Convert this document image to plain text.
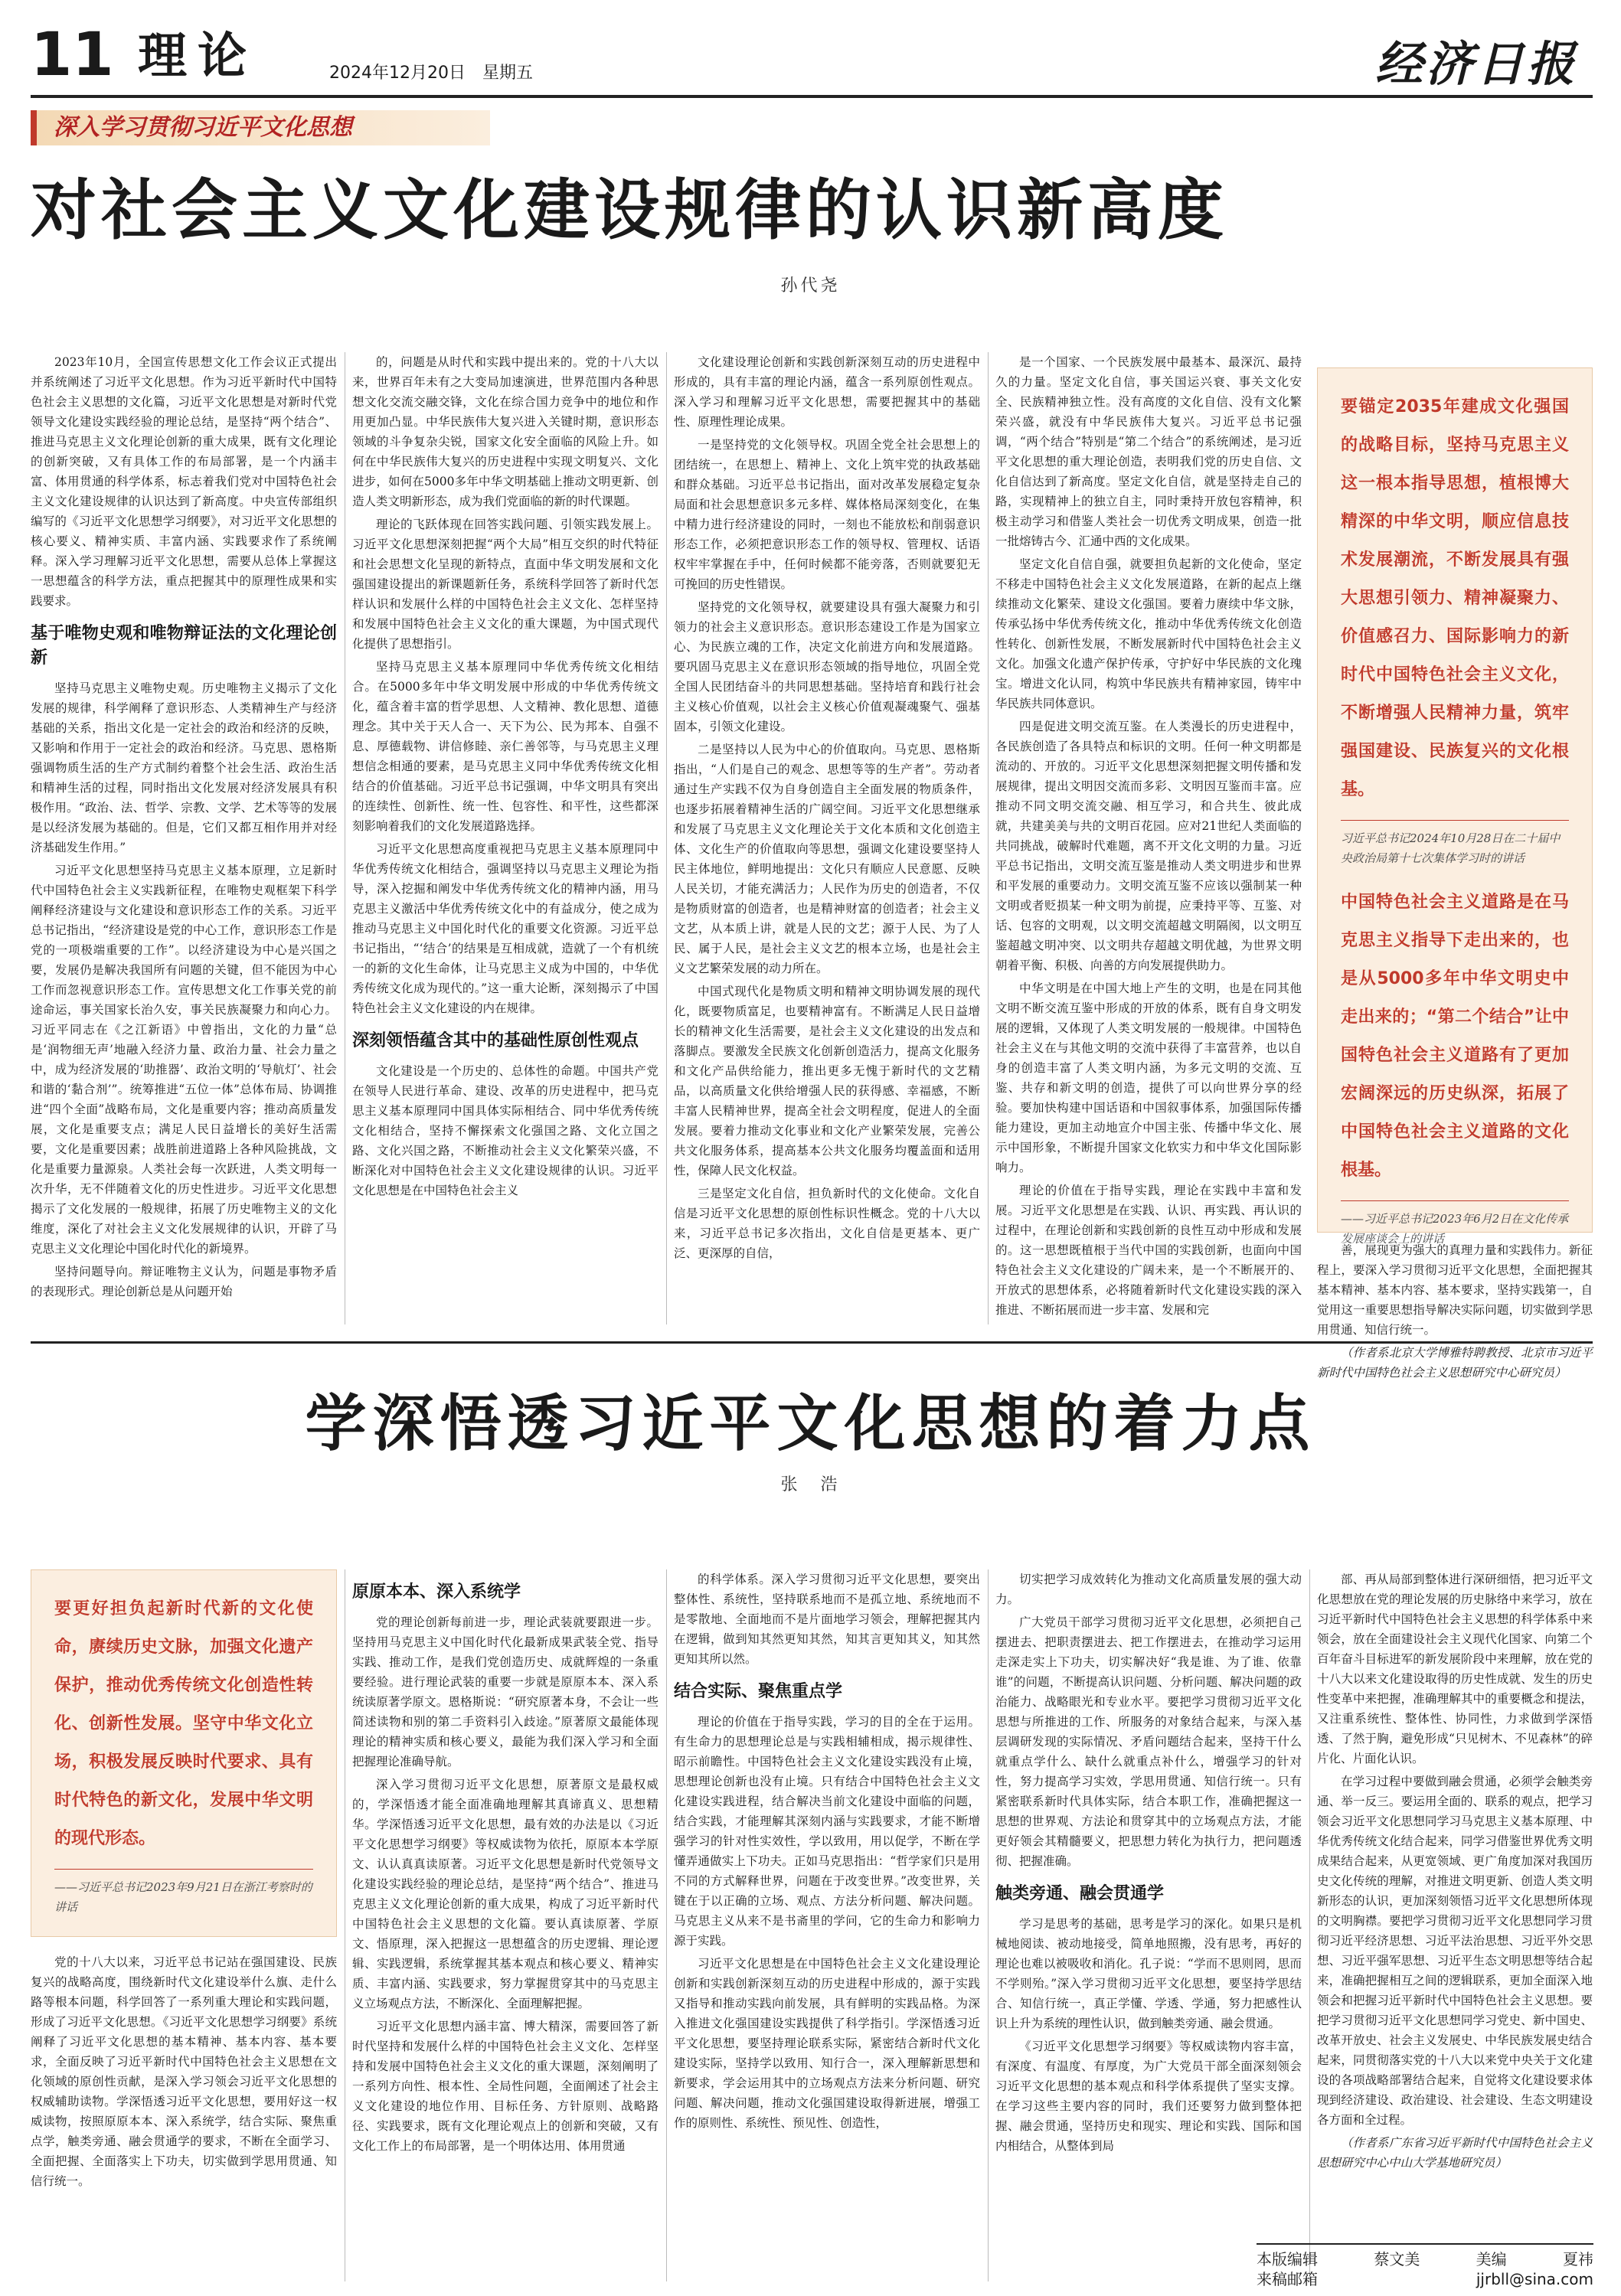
11 理论	2024年12月20日　星期五	经济日报
深入学习贯彻习近平文化思想
对社会主义文化建设规律的认识新高度
孙代尧

2023年10月，全国宣传思想文化工作会议正式提出并系统阐述了习近平文化思想。作为习近平新时代中国特色社会主义思想的文化篇，习近平文化思想是对新时代党领导文化建设实践经验的理论总结，是坚持“两个结合”、推进马克思主义文化理论创新的重大成果，既有文化理论的创新突破，又有具体工作的布局部署，是一个内涵丰富、体用贯通的科学体系，标志着我们党对中国特色社会主义文化建设规律的认识达到了新高度。中央宣传部组织编写的《习近平文化思想学习纲要》，对习近平文化思想的核心要义、精神实质、丰富内涵、实践要求作了系统阐释。深入学习理解习近平文化思想，需要从总体上掌握这一思想蕴含的科学方法，重点把握其中的原理性成果和实践要求。

基于唯物史观和唯物辩证法的文化理论创新

坚持马克思主义唯物史观。历史唯物主义揭示了文化发展的规律，科学阐释了意识形态、人类精神生产与经济基础的关系，指出文化是一定社会的政治和经济的反映，又影响和作用于一定社会的政治和经济。马克思、恩格斯强调物质生活的生产方式制约着整个社会生活、政治生活和精神生活的过程，同时指出文化发展对经济发展具有积极作用。“政治、法、哲学、宗教、文学、艺术等等的发展是以经济发展为基础的。但是，它们又都互相作用并对经济基础发生作用。”

习近平文化思想坚持马克思主义基本原理，立足新时代中国特色社会主义实践新征程，在唯物史观框架下科学阐释经济建设与文化建设和意识形态工作的关系。习近平总书记指出，“经济建设是党的中心工作，意识形态工作是党的一项极端重要的工作”。以经济建设为中心是兴国之要，发展仍是解决我国所有问题的关键，但不能因为中心工作而忽视意识形态工作。宣传思想文化工作事关党的前途命运，事关国家长治久安，事关民族凝聚力和向心力。习近平同志在《之江新语》中曾指出，文化的力量“总是‘润物细无声’地融入经济力量、政治力量、社会力量之中，成为经济发展的‘助推器’、政治文明的‘导航灯’、社会和谐的‘黏合剂’”。统筹推进“五位一体”总体布局、协调推进“四个全面”战略布局，文化是重要内容；推动高质量发展，文化是重要支点；满足人民日益增长的美好生活需要，文化是重要因素；战胜前进道路上各种风险挑战，文化是重要力量源泉。人类社会每一次跃进，人类文明每一次升华，无不伴随着文化的历史性进步。习近平文化思想揭示了文化发展的一般规律，拓展了历史唯物主义的文化维度，深化了对社会主义文化发展规律的认识，开辟了马克思主义文化理论中国化时代化的新境界。

坚持问题导向。辩证唯物主义认为，问题是事物矛盾的表现形式。理论创新总是从问题开始

的，问题是从时代和实践中提出来的。党的十八大以来，世界百年未有之大变局加速演进，世界范围内各种思想文化交流交融交锋，文化在综合国力竞争中的地位和作用更加凸显。中华民族伟大复兴进入关键时期，意识形态领域的斗争复杂尖锐，国家文化安全面临的风险上升。如何在中华民族伟大复兴的历史进程中实现文明复兴、文化进步，如何在5000多年中华文明基础上推动文明更新、创造人类文明新形态，成为我们党面临的新的时代课题。

理论的飞跃体现在回答实践问题、引领实践发展上。习近平文化思想深刻把握“两个大局”相互交织的时代特征和社会思想文化呈现的新特点，直面中华文明发展和文化强国建设提出的新课题新任务，系统科学回答了新时代怎样认识和发展什么样的中国特色社会主义文化、怎样坚持和发展中国特色社会主义文化的重大课题，为中国式现代化提供了思想指引。

坚持马克思主义基本原理同中华优秀传统文化相结合。在5000多年中华文明发展中形成的中华优秀传统文化，蕴含着丰富的哲学思想、人文精神、教化思想、道德理念。其中关于天人合一、天下为公、民为邦本、自强不息、厚德载物、讲信修睦、亲仁善邻等，与马克思主义理想信念相通的要素，是马克思主义同中华优秀传统文化相结合的价值基础。习近平总书记强调，中华文明具有突出的连续性、创新性、统一性、包容性、和平性，这些都深刻影响着我们的文化发展道路选择。

习近平文化思想高度重视把马克思主义基本原理同中华优秀传统文化相结合，强调坚持以马克思主义理论为指导，深入挖掘和阐发中华优秀传统文化的精神内涵，用马克思主义激活中华优秀传统文化中的有益成分，使之成为推动马克思主义中国化时代化的重要文化资源。习近平总书记指出，“‘结合’的结果是互相成就，造就了一个有机统一的新的文化生命体，让马克思主义成为中国的，中华优秀传统文化成为现代的。”这一重大论断，深刻揭示了中国特色社会主义文化建设的内在规律。

深刻领悟蕴含其中的基础性原创性观点

文化建设是一个历史的、总体性的命题。中国共产党在领导人民进行革命、建设、改革的历史进程中，把马克思主义基本原理同中国具体实际相结合、同中华优秀传统文化相结合，坚持不懈探索文化强国之路、文化立国之路、文化兴国之路，不断推动社会主义文化繁荣兴盛，不断深化对中国特色社会主义文化建设规律的认识。习近平文化思想是在中国特色社会主义

文化建设理论创新和实践创新深刻互动的历史进程中形成的，具有丰富的理论内涵，蕴含一系列原创性观点。深入学习和理解习近平文化思想，需要把握其中的基础性、原理性理论成果。

一是坚持党的文化领导权。巩固全党全社会思想上的团结统一，在思想上、精神上、文化上筑牢党的执政基础和群众基础。习近平总书记指出，面对改革发展稳定复杂局面和社会思想意识多元多样、媒体格局深刻变化，在集中精力进行经济建设的同时，一刻也不能放松和削弱意识形态工作，必须把意识形态工作的领导权、管理权、话语权牢牢掌握在手中，任何时候都不能旁落，否则就要犯无可挽回的历史性错误。

坚持党的文化领导权，就要建设具有强大凝聚力和引领力的社会主义意识形态。意识形态建设工作是为国家立心、为民族立魂的工作，决定文化前进方向和发展道路。要巩固马克思主义在意识形态领域的指导地位，巩固全党全国人民团结奋斗的共同思想基础。坚持培育和践行社会主义核心价值观，以社会主义核心价值观凝魂聚气、强基固本，引领文化建设。

二是坚持以人民为中心的价值取向。马克思、恩格斯指出，“人们是自己的观念、思想等等的生产者”。劳动者通过生产实践不仅为自身创造自主全面发展的物质条件，也逐步拓展着精神生活的广阔空间。习近平文化思想继承和发展了马克思主义文化理论关于文化本质和文化创造主体、文化生产的价值取向等思想，强调文化建设要坚持人民主体地位，鲜明地提出：文化只有顺应人民意愿、反映人民关切，才能充满活力；人民作为历史的创造者，不仅是物质财富的创造者，也是精神财富的创造者；社会主义文艺，从本质上讲，就是人民的文艺；源于人民、为了人民、属于人民，是社会主义文艺的根本立场，也是社会主义文艺繁荣发展的动力所在。

中国式现代化是物质文明和精神文明协调发展的现代化，既要物质富足，也要精神富有。不断满足人民日益增长的精神文化生活需要，是社会主义文化建设的出发点和落脚点。要激发全民族文化创新创造活力，提高文化服务和文化产品供给能力，推出更多无愧于新时代的文艺精品，以高质量文化供给增强人民的获得感、幸福感，不断丰富人民精神世界，提高全社会文明程度，促进人的全面发展。要着力推动文化事业和文化产业繁荣发展，完善公共文化服务体系，提高基本公共文化服务均覆盖面和适用性，保障人民文化权益。

三是坚定文化自信，担负新时代的文化使命。文化自信是习近平文化思想的原创性标识性概念。党的十八大以来，习近平总书记多次指出，文化自信是更基本、更广泛、更深厚的自信，

是一个国家、一个民族发展中最基本、最深沉、最持久的力量。坚定文化自信，事关国运兴衰、事关文化安全、民族精神独立性。没有高度的文化自信、没有文化繁荣兴盛，就没有中华民族伟大复兴。习近平总书记强调，“两个结合”特别是“第二个结合”的系统阐述，是习近平文化思想的重大理论创造，表明我们党的历史自信、文化自信达到了新高度。坚定文化自信，就是坚持走自己的路，实现精神上的独立自主，同时秉持开放包容精神，积极主动学习和借鉴人类社会一切优秀文明成果，创造一批一批熔铸古今、汇通中西的文化成果。

坚定文化自信自强，就要担负起新的文化使命，坚定不移走中国特色社会主义文化发展道路，在新的起点上继续推动文化繁荣、建设文化强国。要着力赓续中华文脉，传承弘扬中华优秀传统文化，推动中华优秀传统文化创造性转化、创新性发展，不断发展新时代中国特色社会主义文化。加强文化遗产保护传承，守护好中华民族的文化瑰宝。增进文化认同，构筑中华民族共有精神家园，铸牢中华民族共同体意识。

四是促进文明交流互鉴。在人类漫长的历史进程中，各民族创造了各具特点和标识的文明。任何一种文明都是流动的、开放的。习近平文化思想深刻把握文明传播和发展规律，提出文明因交流而多彩、文明因互鉴而丰富。应推动不同文明交流交融、相互学习，和合共生、彼此成就，共建美美与共的文明百花园。应对21世纪人类面临的共同挑战，破解时代难题，离不开文化文明的力量。习近平总书记指出，文明交流互鉴是推动人类文明进步和世界和平发展的重要动力。文明交流互鉴不应该以强制某一种文明或者贬损某一种文明为前提，应秉持平等、互鉴、对话、包容的文明观，以文明交流超越文明隔阂，以文明互鉴超越文明冲突、以文明共存超越文明优越，为世界文明朝着平衡、积极、向善的方向发展提供助力。

中华文明是在中国大地上产生的文明，也是在同其他文明不断交流互鉴中形成的开放的体系，既有自身文明发展的逻辑，又体现了人类文明发展的一般规律。中国特色社会主义在与其他文明的交流中获得了丰富营养，也以自身的创造丰富了人类文明内涵，为多元文明的交流、互鉴、共存和新文明的创造，提供了可以向世界分享的经验。要加快构建中国话语和中国叙事体系，加强国际传播能力建设，更加主动地宣介中国主张、传播中华文化、展示中国形象，不断提升国家文化软实力和中华文化国际影响力。

理论的价值在于指导实践，理论在实践中丰富和发展。习近平文化思想是在实践、认识、再实践、再认识的过程中，在理论创新和实践创新的良性互动中形成和发展的。这一思想既植根于当代中国的实践创新，也面向中国特色社会主义文化建设的广阔未来，是一个不断展开的、开放式的思想体系，必将随着新时代文化建设实践的深入推进、不断拓展而进一步丰富、发展和完

要锚定2035年建成文化强国的战略目标，坚持马克思主义这一根本指导思想，植根博大精深的中华文明，顺应信息技术发展潮流，不断发展具有强大思想引领力、精神凝聚力、价值感召力、国际影响力的新时代中国特色社会主义文化，不断增强人民精神力量，筑牢强国建设、民族复兴的文化根基。
习近平总书记2024年10月28日在二十届中央政治局第十七次集体学习时的讲话
中国特色社会主义道路是在马克思主义指导下走出来的，也是从5000多年中华文明史中走出来的；“第二个结合”让中国特色社会主义道路有了更加宏阔深远的历史纵深，拓展了中国特色社会主义道路的文化根基。
——习近平总书记2023年6月2日在文化传承发展座谈会上的讲话

善，展现更为强大的真理力量和实践伟力。新征程上，要深入学习贯彻习近平文化思想，全面把握其基本精神、基本内容、基本要求，坚持实践第一，自觉用这一重要思想指导解决实际问题，切实做到学思用贯通、知信行统一。

（作者系北京大学博雅特聘教授、北京市习近平新时代中国特色社会主义思想研究中心研究员）

学深悟透习近平文化思想的着力点
张　浩
要更好担负起新时代新的文化使命，赓续历史文脉，加强文化遗产保护，推动优秀传统文化创造性转化、创新性发展。坚守中华文化立场，积极发展反映时代要求、具有时代特色的新文化，发展中华文明的现代形态。
——习近平总书记2023年9月21日在浙江考察时的讲话

党的十八大以来，习近平总书记站在强国建设、民族复兴的战略高度，围绕新时代文化建设举什么旗、走什么路等根本问题，科学回答了一系列重大理论和实践问题，形成了习近平文化思想。《习近平文化思想学习纲要》系统阐释了习近平文化思想的基本精神、基本内容、基本要求，全面反映了习近平新时代中国特色社会主义思想在文化领域的原创性贡献，是深入学习领会习近平文化思想的权威辅助读物。学深悟透习近平文化思想，要用好这一权威读物，按照原原本本、深入系统学，结合实际、聚焦重点学，触类旁通、融会贯通学的要求，不断在全面学习、全面把握、全面落实上下功夫，切实做到学思用贯通、知信行统一。

原原本本、深入系统学

党的理论创新每前进一步，理论武装就要跟进一步。坚持用马克思主义中国化时代化最新成果武装全党、指导实践、推动工作，是我们党创造历史、成就辉煌的一条重要经验。进行理论武装的重要一步就是原原本本、深入系统读原著学原文。恩格斯说：“研究原著本身，不会让一些简述读物和别的第二手资料引入歧途。”原著原文最能体现理论的精神实质和核心要义，最能为我们深入学习和全面把握理论准确导航。

深入学习贯彻习近平文化思想，原著原文是最权威的，学深悟透才能全面准确地理解其真谛真义、思想精华。学深悟透习近平文化思想，最有效的办法是以《习近平文化思想学习纲要》等权威读物为依托，原原本本学原文、认认真真读原著。习近平文化思想是新时代党领导文化建设实践经验的理论总结，是坚持“两个结合”、推进马克思主义文化理论创新的重大成果，构成了习近平新时代中国特色社会主义思想的文化篇。要认真读原著、学原文、悟原理，深入把握这一思想蕴含的历史逻辑、理论逻辑、实践逻辑，系统掌握其基本观点和核心要义、精神实质、丰富内涵、实践要求，努力掌握贯穿其中的马克思主义立场观点方法，不断深化、全面理解把握。

习近平文化思想内涵丰富、博大精深，需要回答了新时代坚持和发展什么样的中国特色社会主义文化、怎样坚持和发展中国特色社会主义文化的重大课题，深刻阐明了一系列方向性、根本性、全局性问题，全面阐述了社会主义文化建设的地位作用、目标任务、方针原则、战略路径、实践要求，既有文化理论观点上的创新和突破，又有文化工作上的布局部署，是一个明体达用、体用贯通

的科学体系。深入学习贯彻习近平文化思想，要突出整体性、系统性，坚持联系地而不是孤立地、系统地而不是零散地、全面地而不是片面地学习领会，理解把握其内在逻辑，做到知其然更知其然，知其言更知其义，知其然更知其所以然。

结合实际、聚焦重点学

理论的价值在于指导实践，学习的目的全在于运用。有生命力的思想理论总是与实践相辅相成，揭示规律性、昭示前瞻性。中国特色社会主义文化建设实践没有止境，思想理论创新也没有止境。只有结合中国特色社会主义文化建设实践进程，结合解决当前文化建设中面临的问题，结合实践，才能理解其深刻内涵与实践要求，才能不断增强学习的针对性实效性，学以致用，用以促学，不断在学懂弄通做实上下功夫。正如马克思指出：“哲学家们只是用不同的方式解释世界，问题在于改变世界。”改变世界，关键在于以正确的立场、观点、方法分析问题、解决问题。马克思主义从来不是书斋里的学问，它的生命力和影响力源于实践。

习近平文化思想是在中国特色社会主义文化建设理论创新和实践创新深刻互动的历史进程中形成的，源于实践又指导和推动实践向前发展，具有鲜明的实践品格。为深入推进文化强国建设实践提供了科学指引。学深悟透习近平文化思想，要坚持理论联系实际，紧密结合新时代文化建设实际，坚持学以致用、知行合一，深入理解新思想和新要求，学会运用其中的立场观点方法来分析问题、研究问题、解决问题，推动文化强国建设取得新进展，增强工作的原则性、系统性、预见性、创造性，

切实把学习成效转化为推动文化高质量发展的强大动力。

广大党员干部学习贯彻习近平文化思想，必须把自己摆进去、把职责摆进去、把工作摆进去，在推动学习运用走深走实上下功夫，切实解决好“我是谁、为了谁、依靠谁”的问题，不断提高认识问题、分析问题、解决问题的政治能力、战略眼光和专业水平。要把学习贯彻习近平文化思想与所推进的工作、所服务的对象结合起来，与深入基层调研发现的实际情况、矛盾问题结合起来，坚持干什么就重点学什么、缺什么就重点补什么，增强学习的针对性，努力提高学习实效，学思用贯通、知信行统一。只有紧密联系新时代具体实际，结合本职工作，准确把握这一思想的世界观、方法论和贯穿其中的立场观点方法，才能更好领会其精髓要义，把思想力转化为执行力，把问题透彻、把握准确。

触类旁通、融会贯通学

学习是思考的基础，思考是学习的深化。如果只是机械地阅读、被动地接受，简单地照搬，没有思考，再好的理论也难以被吸收和消化。孔子说：“学而不思则罔，思而不学则殆。”深入学习贯彻习近平文化思想，要坚持学思结合、知信行统一，真正学懂、学透、学通，努力把感性认识上升为系统的理性认识，做到触类旁通、融会贯通。

《习近平文化思想学习纲要》等权威读物内容丰富，有深度、有温度、有厚度，为广大党员干部全面深刻领会习近平文化思想的基本观点和科学体系提供了坚实支撑。在学习这些主要内容的同时，我们还要努力做到整体把握、融会贯通，坚持历史和现实、理论和实践、国际和国内相结合，从整体到局

部、再从局部到整体进行深研细悟，把习近平文化思想放在党的理论发展的历史脉络中来学习，放在习近平新时代中国特色社会主义思想的科学体系中来领会，放在全面建设社会主义现代化国家、向第二个百年奋斗目标进军的新发展阶段中来理解，放在党的十八大以来文化建设取得的历史性成就、发生的历史性变革中来把握，准确理解其中的重要概念和提法，又注重系统性、整体性、协同性，力求做到学深悟透、了然于胸，避免形成“只见树木、不见森林”的碎片化、片面化认识。

在学习过程中要做到融会贯通，必须学会触类旁通、举一反三。要运用全面的、联系的观点，把学习领会习近平文化思想同学习马克思主义基本原理、中华优秀传统文化结合起来，同学习借鉴世界优秀文明成果结合起来，从更宽领域、更广角度加深对我国历史文化传统的理解，对推进文明更新、创造人类文明新形态的认识，更加深刻领悟习近平文化思想所体现的文明胸襟。要把学习贯彻习近平文化思想同学习贯彻习近平经济思想、习近平法治思想、习近平外交思想、习近平强军思想、习近平生态文明思想等结合起来，准确把握相互之间的逻辑联系，更加全面深入地领会和把握习近平新时代中国特色社会主义思想。要把学习贯彻习近平文化思想同学习党史、新中国史、改革开放史、社会主义发展史、中华民族发展史结合起来，同贯彻落实党的十八大以来党中央关于文化建设的各项战略部署结合起来，自觉将文化建设要求体现到经济建设、政治建设、社会建设、生态文明建设各方面和全过程。

（作者系广东省习近平新时代中国特色社会主义思想研究中心中山大学基地研究员）

本版编辑	蔡文美	美编	夏祎
来稿邮箱	jjrbll@sina.com
